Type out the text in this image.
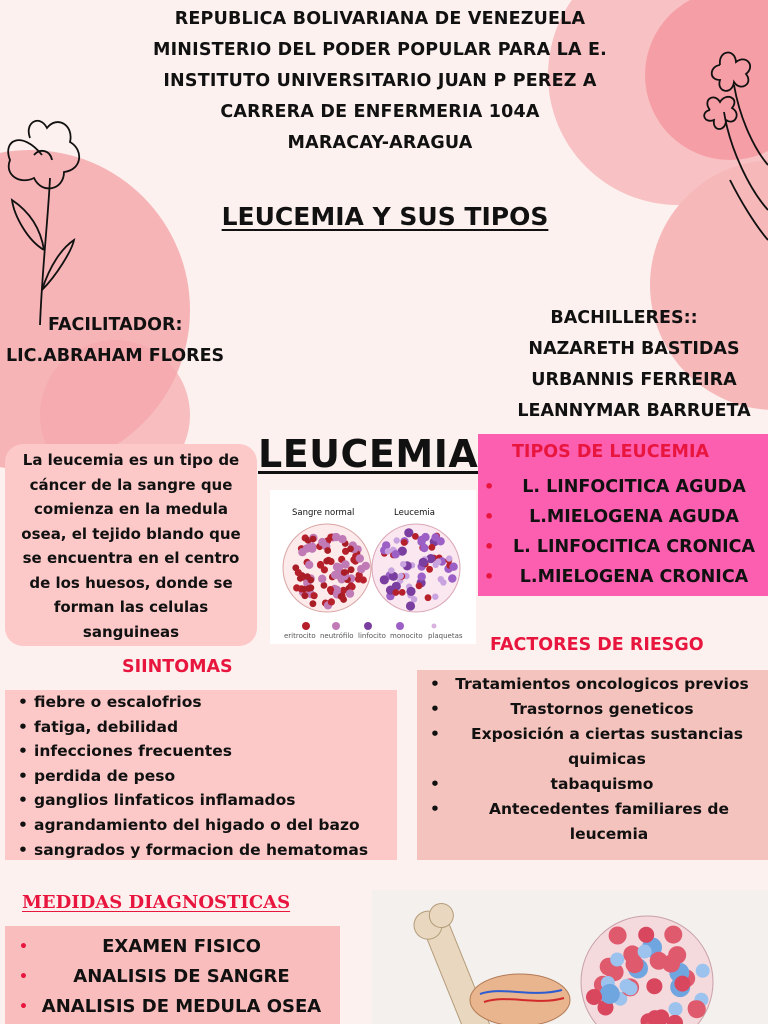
REPUBLICA BOLIVARIANA DE VENEZUELA
MINISTERIO DEL PODER POPULAR PARA LA E.
INSTITUTO UNIVERSITARIO JUAN P PEREZ A
CARRERA DE ENFERMERIA 104A
MARACAY-ARAGUA
LEUCEMIA Y SUS TIPOS
FACILITADOR:
LIC.ABRAHAM FLORES
BACHILLERES::
NAZARETH BASTIDAS
URBANNIS FERREIRA
LEANNYMAR BARRUETA
La leucemia es un tipo de cáncer de la sangre que comienza en la medula osea, el tejido blando que se encuentra en el centro de los huesos, donde se forman las celulas sanguineas
LEUCEMIA
Sangre normal	Leucemia
eritrocito neutrófilo linfocito monocito plaquetas
TIPOS DE LEUCEMIA
• L. LINFOCITICA AGUDA
• L.MIELOGENA AGUDA
• L. LINFOCITICA CRONICA
• L.MIELOGENA CRONICA
SIINTOMAS
• fiebre o escalofrios
• fatiga, debilidad
• infecciones frecuentes
• perdida de peso
• ganglios linfaticos inflamados
• agrandamiento del higado o del bazo
• sangrados y formacion de hematomas
FACTORES DE RIESGO
• Tratamientos oncologicos previos
•	Trastornos geneticos
• Exposición a ciertas sustancias quimicas
•	tabaquismo
•	Antecedentes familiares de leucemia
MEDIDAS DIAGNOSTICAS
•	EXAMEN FISICO
•	ANALISIS DE SANGRE
• ANALISIS DE MEDULA OSEA
